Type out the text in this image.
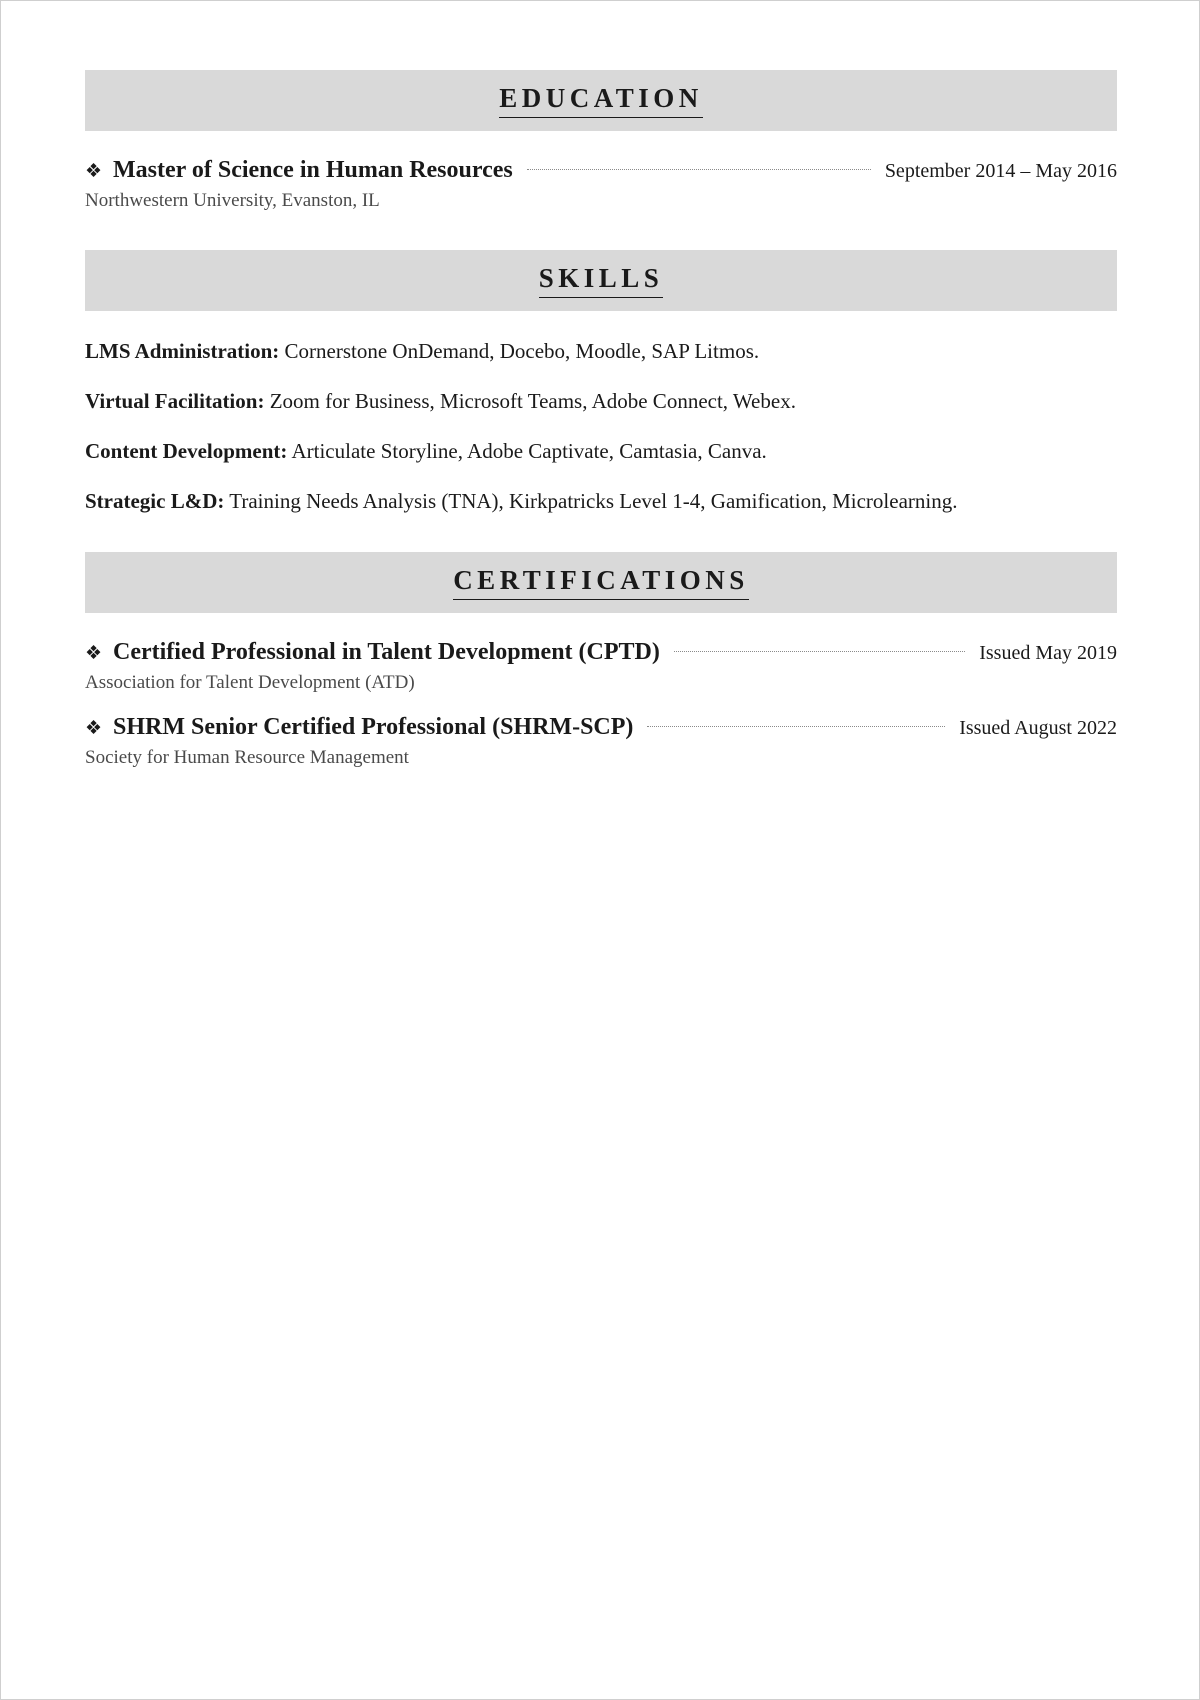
EDUCATION
❖ Master of Science in Human Resources	September 2014 – May 2016
Northwestern University, Evanston, IL
SKILLS

LMS Administration: Cornerstone OnDemand, Docebo, Moodle, SAP Litmos.

Virtual Facilitation: Zoom for Business, Microsoft Teams, Adobe Connect, Webex.

Content Development: Articulate Storyline, Adobe Captivate, Camtasia, Canva.

Strategic L&D: Training Needs Analysis (TNA), Kirkpatricks Level 1-4, Gamification, Microlearning.

CERTIFICATIONS
❖ Certified Professional in Talent Development (CPTD)	Issued May 2019
Association for Talent Development (ATD)
❖ SHRM Senior Certified Professional (SHRM-SCP)	Issued August 2022
Society for Human Resource Management
